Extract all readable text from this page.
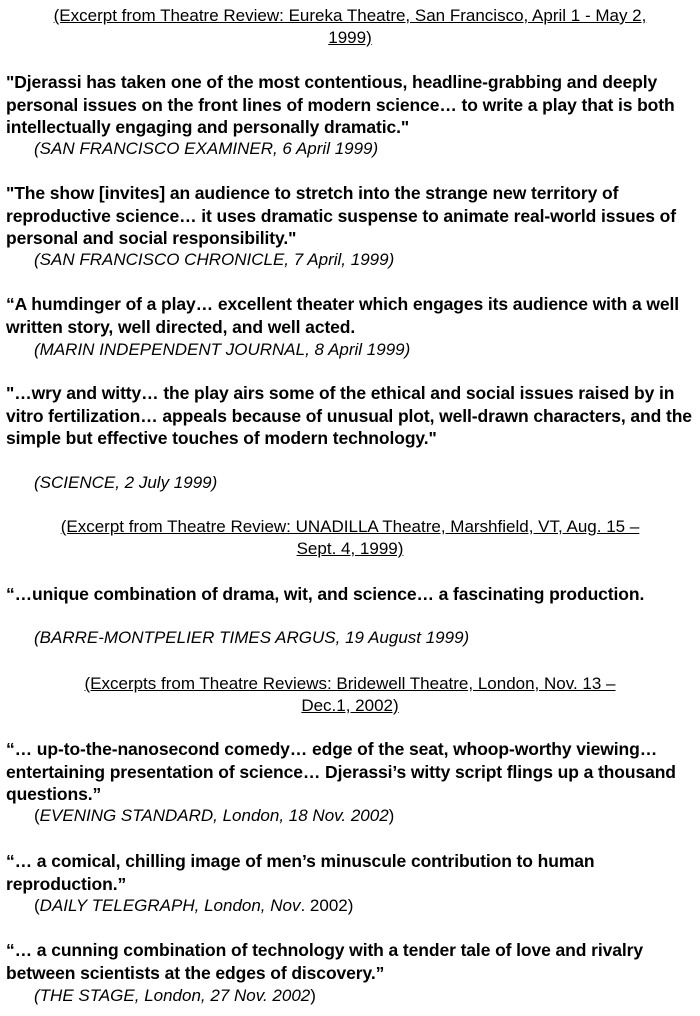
(Excerpt from Theatre Review: Eureka Theatre, San Francisco, April 1 - May 2,
1999)
"Djerassi has taken one of the most contentious, headline-grabbing and deeply personal issues on the front lines of modern science… to write a play that is both intellectually engaging and personally dramatic."
(SAN FRANCISCO EXAMINER, 6 April 1999)
"The show [invites] an audience to stretch into the strange new territory of reproductive science… it uses dramatic suspense to animate real-world issues of personal and social responsibility."
(SAN FRANCISCO CHRONICLE, 7 April, 1999)
“A humdinger of a play… excellent theater which engages its audience with a well written story, well directed, and well acted.
(MARIN INDEPENDENT JOURNAL, 8 April 1999)
"…wry and witty… the play airs some of the ethical and social issues raised by in vitro fertilization… appeals because of unusual plot, well-drawn characters, and the simple but effective touches of modern technology."
(SCIENCE, 2 July 1999)
(Excerpt from Theatre Review: UNADILLA Theatre, Marshfield, VT, Aug. 15 –
Sept. 4, 1999)
“…unique combination of drama, wit, and science… a fascinating production.
(BARRE-MONTPELIER TIMES ARGUS, 19 August 1999)
(Excerpts from Theatre Reviews: Bridewell Theatre, London, Nov. 13 –
Dec.1, 2002)
“… up-to-the-nanosecond comedy… edge of the seat, whoop-worthy viewing… entertaining presentation of science… Djerassi’s witty script flings up a thousand questions.”
(EVENING STANDARD, London, 18 Nov. 2002)
“… a comical, chilling image of men’s minuscule contribution to human reproduction.”
(DAILY TELEGRAPH, London, Nov. 2002)
“… a cunning combination of technology with a tender tale of love and rivalry between scientists at the edges of discovery.”
(THE STAGE, London, 27 Nov. 2002)
